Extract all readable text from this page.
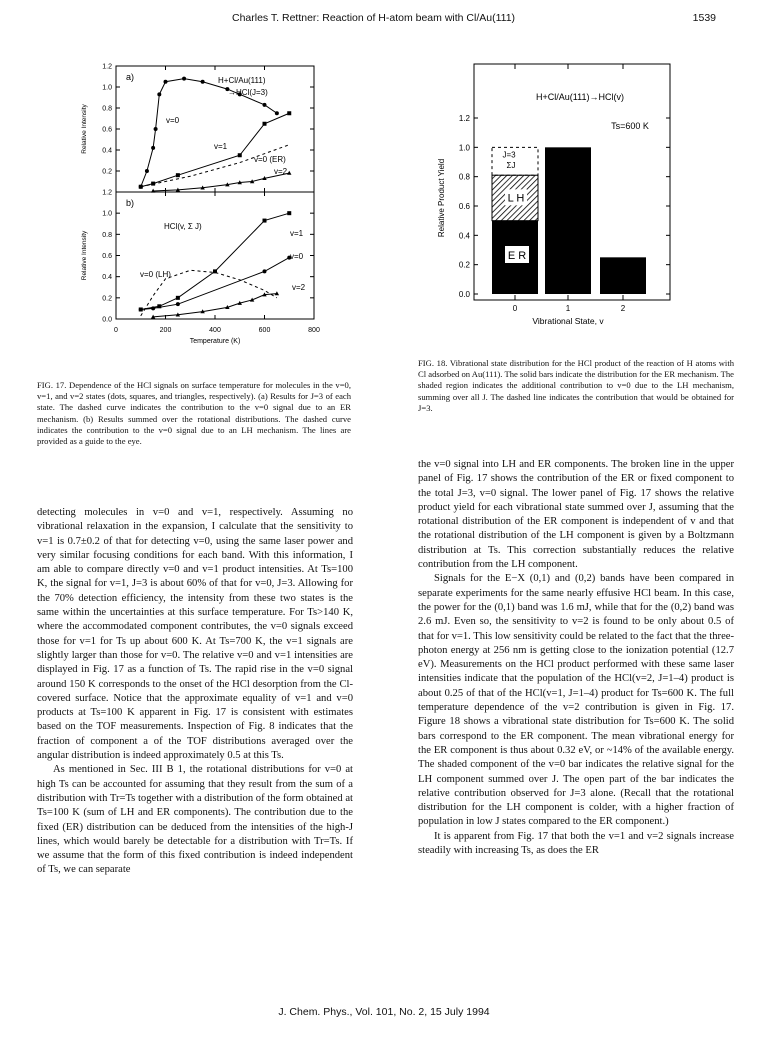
Charles T. Rettner: Reaction of H-atom beam with Cl/Au(111)	1539
0.2
0.4
0.6
0.8
1.0
1.2
Relative Intensity
a)
0.0
0.2
0.4
0.6
0.8
1.0
1.2
Relative Intensity
b)
H+Cl/Au(111)
→HCl(J=3)
v=0
v=1
v=0 (ER)
v=2
HCl(v, Σ J)
v=1
v=0
v=0 (LH)
v=2
0	200	400	600	800
Temperature (K)
0.0
0.2
0.4
0.6
0.8
1.0
1.2
Relative Product Yield
J=3
ΣJ
L H
E R
H+Cl/Au(111)→HCl(v)
Ts=600 K
0	1	2
Vibrational State, v
FIG. 17. Dependence of the HCl signals on surface temperature for molecules in the v=0, v=1, and v=2 states (dots, squares, and triangles, respectively). (a) Results for J=3 of each state. The dashed curve indicates the contribution to the v=0 signal due to an ER mechanism. (b) Results summed over the rotational distributions. The dashed curve indicates the contribution to the v=0 signal due to an LH mechanism. The lines are provided as a guide to the eye.
FIG. 18. Vibrational state distribution for the HCl product of the reaction of H atoms with Cl adsorbed on Au(111). The solid bars indicate the distribution for the ER mechanism. The shaded region indicates the additional contribution to v=0 due to the LH mechanism, summing over all J. The dashed line indicates the contribution that would be obtained for J=3.

detecting molecules in v=0 and v=1, respectively. Assuming no vibrational relaxation in the expansion, I calculate that the sensitivity to v=1 is 0.7±0.2 of that for detecting v=0, using the same laser power and very similar focusing conditions for each band. With this information, I am able to compare directly v=0 and v=1 product intensities. At Ts=100 K, the signal for v=1, J=3 is about 60% of that for v=0, J=3. Allowing for the 70% detection efficiency, the intensity from these two states is the same within the uncertainties at this surface temperature. For Ts>140 K, where the accommodated component contributes, the v=0 signals exceed those for v=1 for Ts up about 600 K. At Ts=700 K, the v=1 signals are slightly larger than those for v=0. The relative v=0 and v=1 intensities are displayed in Fig. 17 as a function of Ts. The rapid rise in the v=0 signal around 150 K corresponds to the onset of the HCl desorption from the Cl-covered surface. Notice that the approximate equality of v=1 and v=0 products at Ts=100 K apparent in Fig. 17 is consistent with estimates based on the TOF measurements. Inspection of Fig. 8 indicates that the fraction of component a of the TOF distributions averaged over the angular distribution is indeed approximately 0.5 at this Ts.

As mentioned in Sec. III B 1, the rotational distributions for v=0 at high Ts can be accounted for assuming that they result from the sum of a distribution with Tr=Ts together with a distribution of the form obtained at Ts=100 K (sum of LH and ER components). The contribution due to the fixed (ER) distribution can be deduced from the intensities of the high-J lines, which would barely be detectable for a distribution with Tr=Ts. If we assume that the form of this fixed contribution is indeed independent of Ts, we can separate

the v=0 signal into LH and ER components. The broken line in the upper panel of Fig. 17 shows the contribution of the ER or fixed component to the total J=3, v=0 signal. The lower panel of Fig. 17 shows the relative product yield for each vibrational state summed over J, assuming that the rotational distribution of the ER component is independent of v and that the rotational distribution of the LH component is given by a Boltzmann distribution at Ts. This correction substantially reduces the relative contribution from the LH component.

Signals for the E−X (0,1) and (0,2) bands have been compared in separate experiments for the same nearly effusive HCl beam. In this case, the power for the (0,1) band was 1.6 mJ, while that for the (0,2) band was 2.6 mJ. Even so, the sensitivity to v=2 is found to be only about 0.5 of that for v=1. This low sensitivity could be related to the fact that the three-photon energy at 256 nm is getting close to the ionization potential (12.7 eV). Measurements on the HCl product performed with these same laser intensities indicate that the population of the HCl(v=2, J=1–4) product is about 0.25 of that of the HCl(v=1, J=1–4) product for Ts=600 K. The full temperature dependence of the v=2 contribution is given in Fig. 17. Figure 18 shows a vibrational state distribution for Ts=600 K. The solid bars correspond to the ER component. The mean vibrational energy for the ER component is thus about 0.32 eV, or ~14% of the available energy. The shaded component of the v=0 bar indicates the relative signal for the LH component summed over J. The open part of the bar indicates the relative contribution observed for J=3 alone. (Recall that the rotational distribution for the LH component is colder, with a higher fraction of population in low J states compared to the ER component.)

It is apparent from Fig. 17 that both the v=1 and v=2 signals increase steadily with increasing Ts, as does the ER

J. Chem. Phys., Vol. 101, No. 2, 15 July 1994
